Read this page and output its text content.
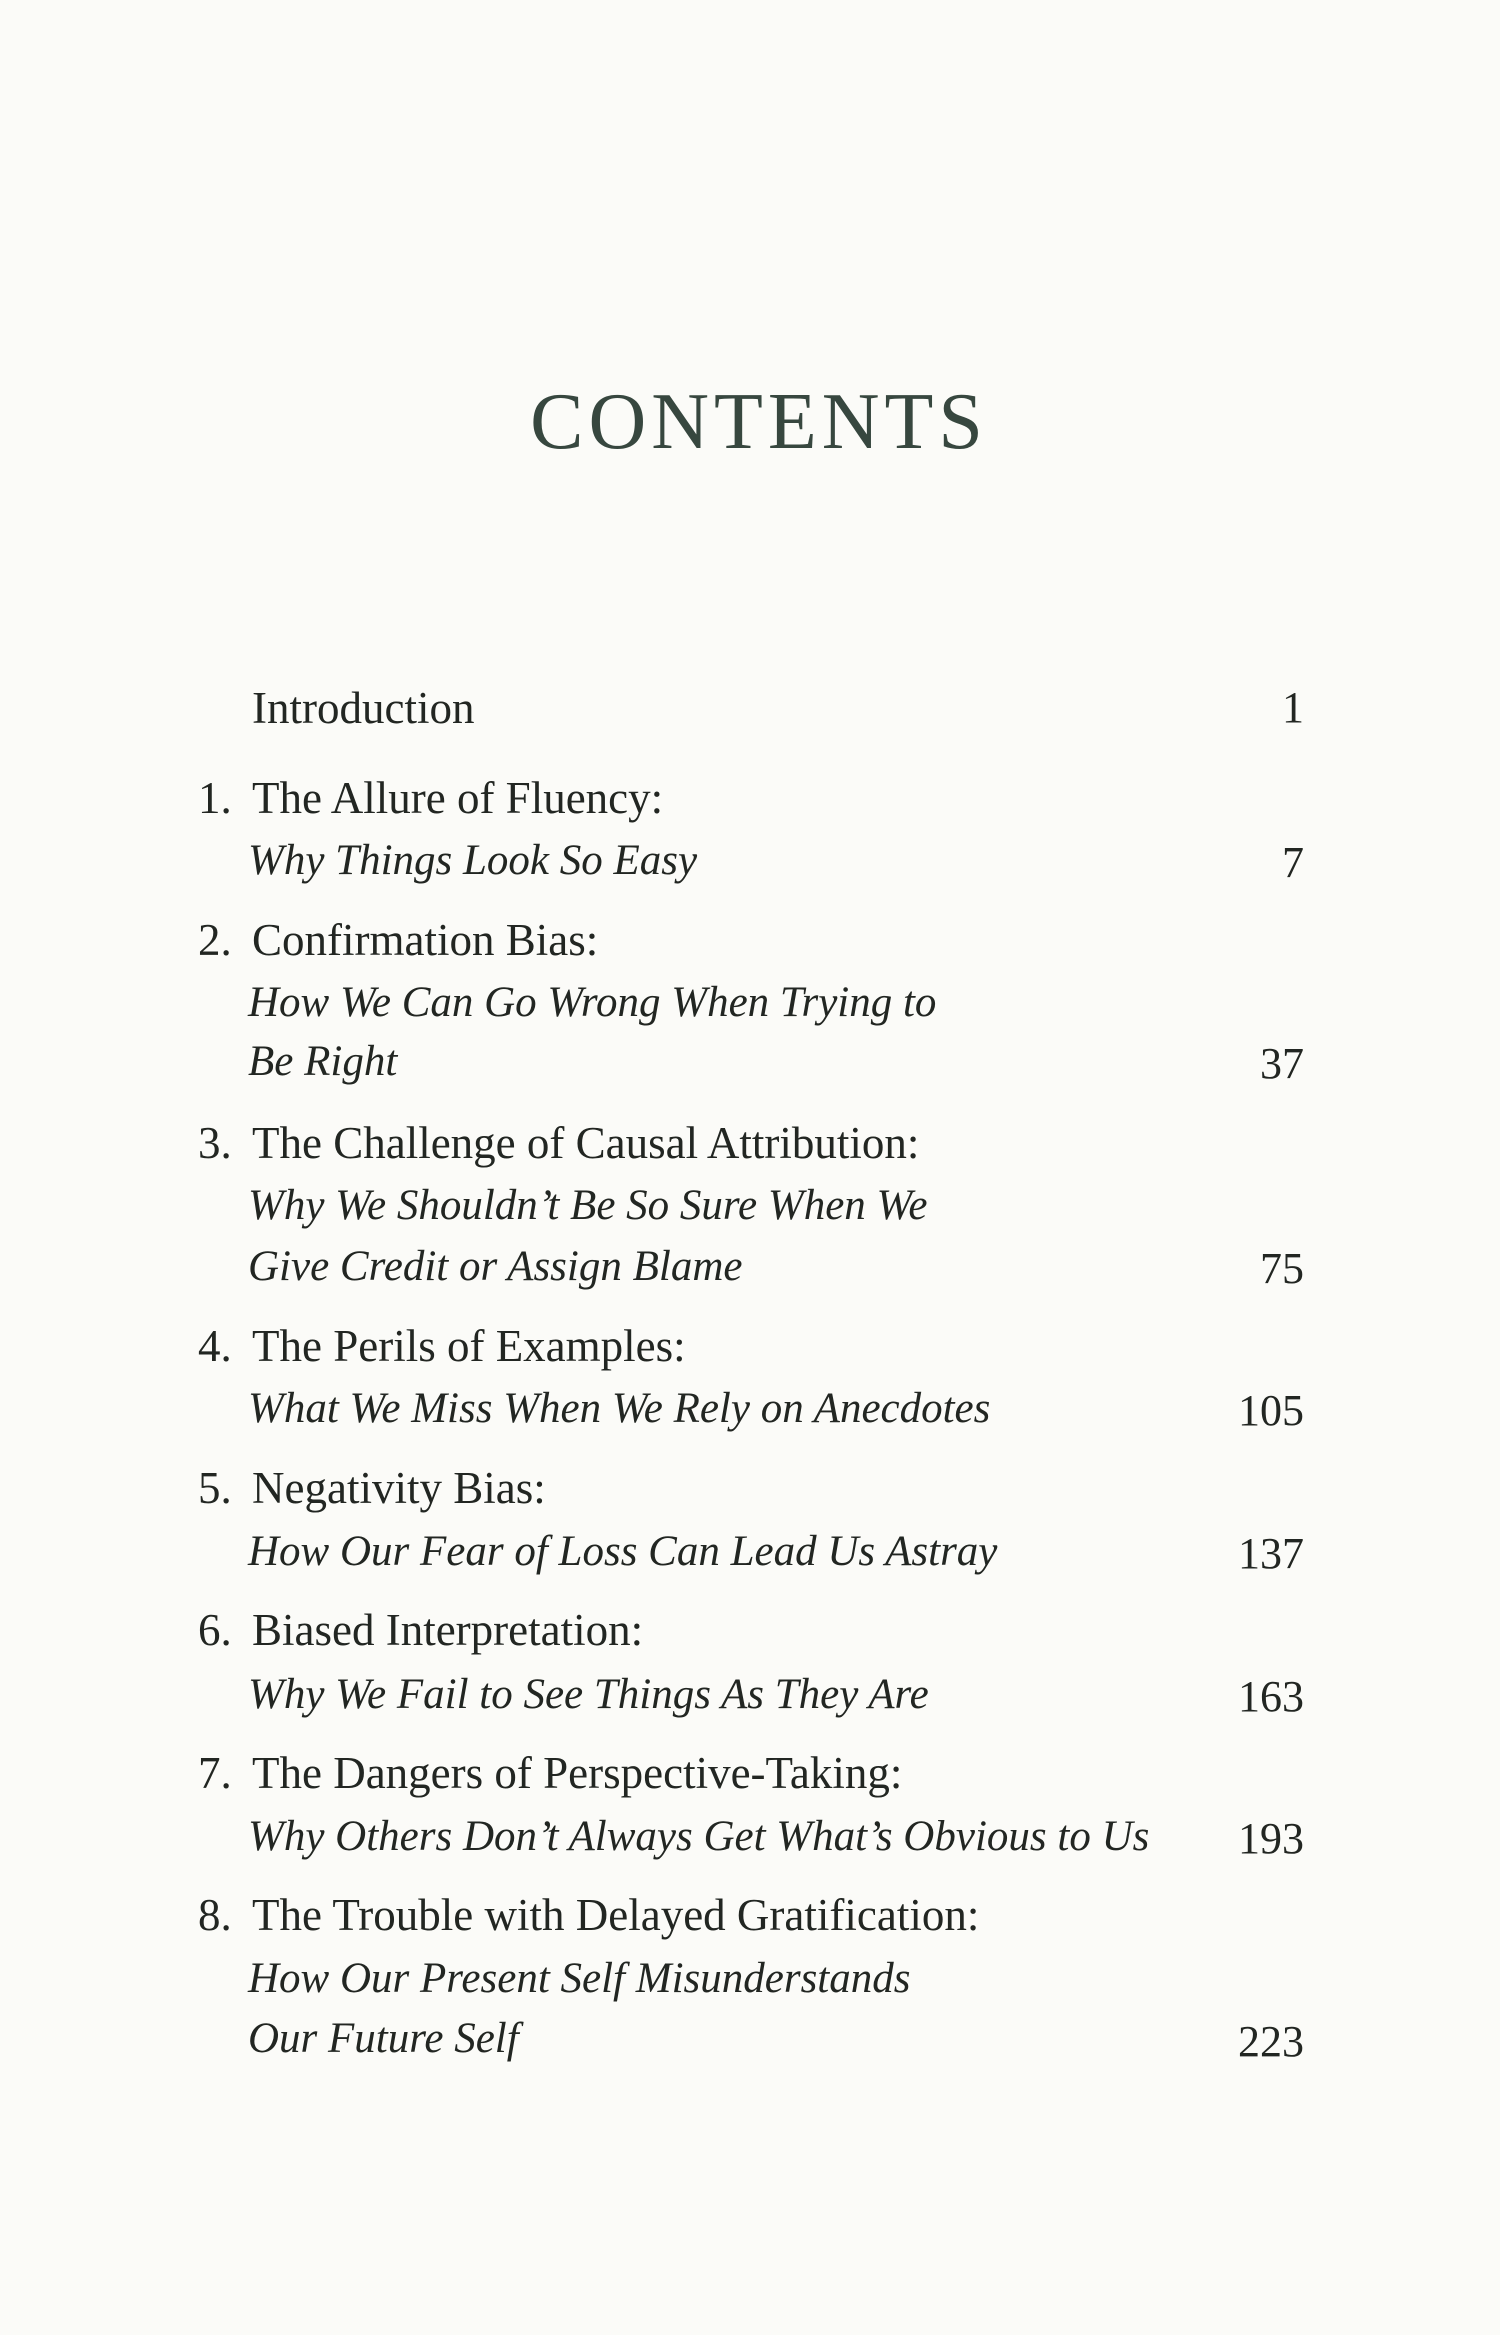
CONTENTS
Introduction	1
1. The Allure of Fluency:
Why Things Look So Easy	7
2. Confirmation Bias:
How We Can Go Wrong When Trying to
Be Right	37
3. The Challenge of Causal Attribution:
Why We Shouldn’t Be So Sure When We
Give Credit or Assign Blame	75
4. The Perils of Examples:
What We Miss When We Rely on Anecdotes	105
5. Negativity Bias:
How Our Fear of Loss Can Lead Us Astray	137
6. Biased Interpretation:
Why We Fail to See Things As They Are	163
7. The Dangers of Perspective-Taking:
Why Others Don’t Always Get What’s Obvious to Us 193
8. The Trouble with Delayed Gratification:
How Our Present Self Misunderstands
Our Future Self	223
